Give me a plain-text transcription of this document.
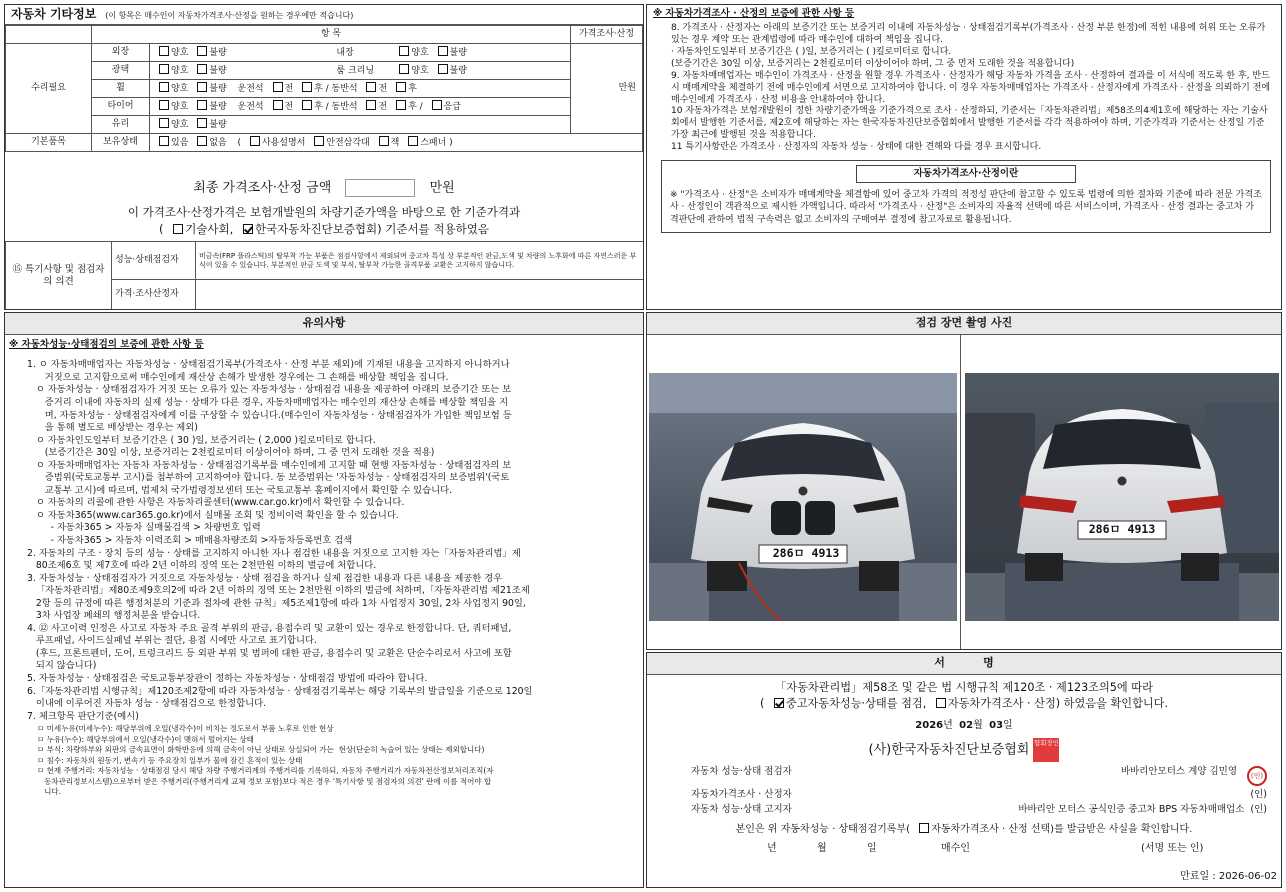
자동차 기타정보 (이 항목은 매수인이 자동차가격조사·산정을 원하는 경우에만 적습니다)
	항 목		가격조사·산정
수리필요	외장	양호 불량 내장 양호 불량	만원
	광택	양호 불량 룸 크리닝 양호 불량	
	휠	양호 불량 운전석 전 후 / 동반석 전 후	
	타이어	양호 불량 운전석 전 후 / 동반석 전 후 / 응급	
	유리	양호 불량	
기본품목	보유상태	있음 없음 ( 사용설명서 안전삼각대 잭 스패너 )	
최종 가격조사·산정 금액	만원
이 가격조사·산정가격은 보험개발원의 차량기준가액을 바탕으로 한 기준가격과
( 기술사회, 한국자동차진단보증협회) 기준서를 적용하였음
⑮ 특기사항 및 점검자의 의견	성능·상태점검자	비금속(FRP 플라스틱)의 탈부착 가능 부품은 점검사항에서 제외되며 중고차 특성 상 부분적인 판금,도색 및 차량의 노후화에 따른 자연스러운 부식이 있을 수 있습니다. 부분적인 판금 도색 및 부식, 탈부착 가능한 골격부품 교환은 고지하지 않습니다.
	가격·조사산정자	
※ 자동차가격조사 · 산정의 보증에 관한 사항 등
8. 가격조사 · 산정자는 아래의 보증기간 또는 보증거리 이내에 자동차성능 · 상태점검기록부(가격조사 · 산정 부분 한정)에 적힌 내용에 허위 또는 오류가 있는 경우 계약 또는 관계법령에 따라 매수인에 대하여 책임을 집니다.
· 자동차인도일부터 보증기간은 ( )일, 보증거리는 ( )킬로미터로 합니다.
(보증기간은 30일 이상, 보증거리는 2천킬로미터 이상이어야 하며, 그 중 먼저 도래한 것을 적용합니다)
9. 자동차매매업자는 매수인이 가격조사 · 산정을 원할 경우 가격조사 · 산정자가 해당 자동차 가격을 조사 · 산정하여 결과를 이 서식에 적도록 한 후, 반드시 매매계약을 체결하기 전에 매수인에게 서면으로 고지하여야 합니다. 이 경우 자동차매매업자는 가격조사 · 산정자에게 가격조사 · 산정을 의뢰하기 전에 매수인에게 가격조사 · 산정 비용을 안내하여야 합니다.
10 자동차가격은 보험개발원이 정한 차량기준가액을 기준가격으로 조사 · 산정하되, 기준서는「자동차관리법」제58조의4제1호에 해당하는 자는 기술사회에서 발행한 기준서를, 제2호에 해당하는 자는 한국자동차진단보증협회에서 발행한 기준서를 각각 적용하여야 하며, 기준가격과 기준서는 산정일 기준 가장 최근에 발행된 것을 적용합니다.
11 특기사항란은 가격조사 · 산정자의 자동차 성능 · 상태에 대한 견해와 다를 경우 표시합니다.
자동차가격조사·산정이란
※ "가격조사 · 산정"은 소비자가 매매계약을 체결함에 있어 중고차 가격의 적정성 판단에 참고할 수 있도록 법령에 의한 절차와 기준에 따라 전문 가격조사 · 산정인이 객관적으로 제시한 가액입니다. 따라서 "가격조사 · 산정"은 소비자의 자율적 선택에 따른 서비스이며, 가격조사 · 산정 결과는 중고차 가격판단에 관하여 법적 구속력은 없고 소비자의 구매여부 결정에 참고자료로 활용됩니다.
유의사항
※ 자동차성능·상태점검의 보증에 관한 사항 등
1. ㅇ 자동차매매업자는 자동차성능 · 상태점검기록부(가격조사 · 산정 부분 제외)에 기재된 내용을 고지하지 아니하거나
거짓으로 고지함으로써 매수인에게 재산상 손해가 발생한 경우에는 그 손해를 배상할 책임을 집니다.
ㅇ 자동차성능 · 상태점검자가 거짓 또는 오류가 있는 자동차성능 · 상태점검 내용을 제공하여 아래의 보증기간 또는 보
증거리 이내에 자동차의 실제 성능 · 상태가 다른 경우, 자동차매매업자는 매수인의 재산상 손해를 배상할 책임을 지
며, 자동차성능 · 상태점검자에게 이를 구상할 수 있습니다.(매수인이 자동차성능 · 상태점검자가 가입한 책임보험 등
을 통해 별도로 배상받는 경우는 제외)
ㅇ 자동차인도일부터 보증기간은 ( 30 )일, 보증거리는 ( 2,000 )킬로미터로 합니다.
(보증기간은 30일 이상, 보증거리는 2천킬로미터 이상이어야 하며, 그 중 먼저 도래한 것을 적용)
ㅇ 자동차매매업자는 자동차 자동차성능 · 상태점검기록부를 매수인에게 고지할 때 현행 자동차성능 · 상태점검자의 보
증범위(국토교통부 고시)를 첨부하여 고지하여야 합니다. 동 보증범위는 '자동차성능 · 상태점검자의 보증범위'(국토
교통부 고시)에 따르며, 법제처 국가법령정보센터 또는 국토교통부 홈페이지에서 확인할 수 있습니다.
ㅇ 자동차의 리콜에 관한 사항은 자동차리콜센터(www.car.go.kr)에서 확인할 수 있습니다.
ㅇ 자동차365(www.car365.go.kr)에서 실매물 조회 및 정비이력 확인을 할 수 있습니다.
- 자동차365 > 자동차 실매물검색 > 차량번호 입력
- 자동차365 > 자동차 이력조회 > 매매용차량조회 >자동차등록번호 검색
2. 자동차의 구조 · 장치 등의 성능 · 상태를 고지하지 아니한 자나 점검한 내용을 거짓으로 고지한 자는「자동차관리법」제
80조제6호 및 제7호에 따라 2년 이하의 징역 또는 2천만원 이하의 벌금에 처합니다.
3. 자동차성능 · 상태점검자가 거짓으로 자동차성능 · 상태 점검을 하거나 실제 점검한 내용과 다른 내용을 제공한 경우
「자동차관리법」제80조제9호의2에 따라 2년 이하의 징역 또는 2천만원 이하의 벌금에 처하며,「자동차관리법 제21조제
2항 등의 규정에 따른 행정처분의 기준과 절차에 관한 규칙」제5조제1항에 따라 1차 사업정지 30일, 2차 사업정지 90일,
3차 사업장 폐쇄의 행정처분을 받습니다.
4. ⑫ 사고이력 인정은 사고로 자동차 주요 골격 부위의 판금, 용접수리 및 교환이 있는 경우로 한정합니다. 단, 쿼터패널,
루프패널, 사이드실패널 부위는 절단, 용접 시에만 사고로 표기합니다.
(후드, 프론트펜더, 도어, 트렁크리드 등 외판 부위 및 범퍼에 대한 판금, 용접수리 및 교환은 단순수리로서 사고에 포함
되지 않습니다)
5. 자동차성능 · 상태점검은 국토교통부장관이 정하는 자동차성능 · 상태점검 방법에 따라야 합니다.
6.「자동차관리법 시행규칙」제120조제2항에 따라 자동차성능 · 상태점검기록부는 해당 기록부의 발급일을 기준으로 120일
이내에 이루어진 자동차 성능 · 상태점검으로 한정합니다.
7. 체크항목 판단기준(예시)
ㅁ 미세누유(미세누수): 해당부위에 오일(냉각수)이 비치는 정도로서 부품 노후로 인한 현상
ㅁ 누유(누수): 해당부위에서 오일(냉각수)이 맺혀서 떨어지는 상태
ㅁ 부식: 차량하부와 외판의 금속표면이 화학반응에 의해 금속이 아닌 상태로 상실되어 가는  현상(단순히 녹슬어 있는 상태는 제외합니다)
ㅁ 침수: 자동차의 원동기, 변속기 등 주요장치 일부가 물에 잠긴 흔적이 있는 상태
ㅁ 현재 주행거리: 자동차성능 · 상태점검 당시 해당 차량 주행거리계의 주행거리를 기록하되, 자동차 주행거리가 자동차전산정보처리조직(자
동차관리정보시스템)으로부터 받은 주행거리(주행거리계 교체 정보 포함)보다 적은 경우 '특기사항 및 점검자의 의견' 란에 이를 적어야 합
니다.
점검 장면 촬영 사진
286ㅁ 4913
286ㅁ 4913
서          명
「자동차관리법」제58조 및 같은 법 시행규칙 제120조 · 제123조의5에 따라
( 중고자동차성능·상태를 점검, 자동차가격조사 · 산정) 하였음을 확인합니다.
2026년 02월 03일
(사)한국자동차진단보증협회 협회장인
자동차 성능·상태 점검자	바바리안모터스 계양 김민영	(인)
자동차가격조사 · 산정자	(인)
자동차 성능·상태 고지자	바바리안 모터스 공식인증 중고차 BPS 자동차매매업소 (인)
본인은 위 자동차성능 · 상태점검기록부( 자동차가격조사 · 산정 선택)를 발급받은 사실을 확인합니다.
년	월	일	매수인	(서명 또는 인)
만료일 : 2026-06-02
